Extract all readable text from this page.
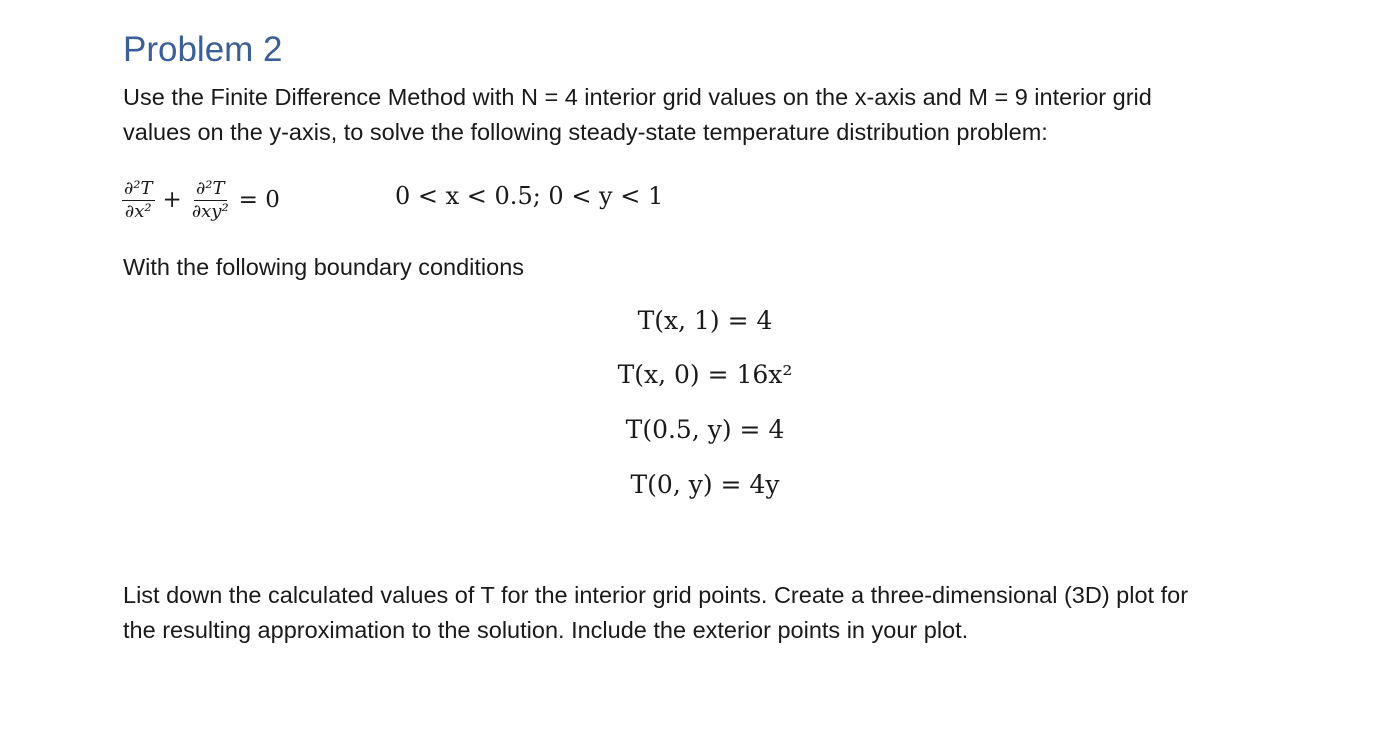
Problem 2
Use the Finite Difference Method with N = 4 interior grid values on the x-axis and M = 9 interior grid
values on the y-axis, to solve the following steady-state temperature distribution problem:
$\frac{\text{∂²T}}{\text{∂x²}} + \frac{\text{∂²T}}{\text{∂xy²}} = 0$	0 < x < 0.5; 0 < y < 1
With the following boundary conditions
T(x, 1) = 4
T(x, 0) = 16x²
T(0.5, y) = 4
T(0, y) = 4y
List down the calculated values of T for the interior grid points. Create a three-dimensional (3D) plot for
the resulting approximation to the solution. Include the exterior points in your plot.
